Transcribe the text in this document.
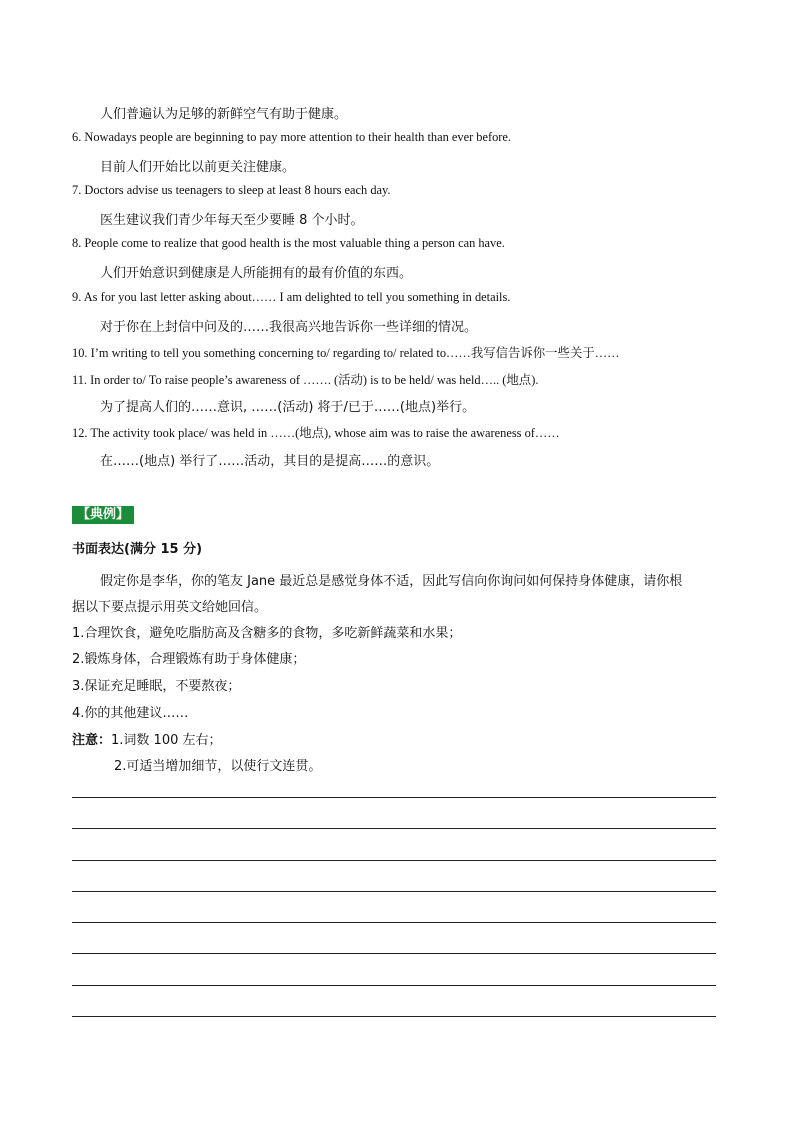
人们普遍认为足够的新鲜空气有助于健康。
6. Nowadays people are beginning to pay more attention to their health than ever before.
目前人们开始比以前更关注健康。
7. Doctors advise us teenagers to sleep at least 8 hours each day.
医生建议我们青少年每天至少要睡 8 个小时。
8. People come to realize that good health is the most valuable thing a person can have.
人们开始意识到健康是人所能拥有的最有价值的东西。
9. As for you last letter asking about…… I am delighted to tell you something in details.
对于你在上封信中问及的……我很高兴地告诉你一些详细的情况。
10. I’m writing to tell you something concerning to/ regarding to/ related to……我写信告诉你一些关于……
11. In order to/ To raise people’s awareness of ……. (活动) is to be held/ was held….. (地点).
为了提高人们的……意识, ……(活动) 将于/已于……(地点)举行。
12. The activity took place/ was held in ……(地点), whose aim was to raise the awareness of……
在……(地点) 举行了……活动，其目的是提高……的意识。
【典例】
书面表达(满分 15 分)
假定你是李华，你的笔友 Jane 最近总是感觉身体不适，因此写信向你询问如何保持身体健康，请你根
据以下要点提示用英文给她回信。
1.合理饮食，避免吃脂肪高及含糖多的食物，多吃新鲜蔬菜和水果；
2.锻炼身体，合理锻炼有助于身体健康；
3.保证充足睡眠，不要熬夜；
4.你的其他建议……
注意：1.词数 100 左右；
2.可适当增加细节，以使行文连贯。
